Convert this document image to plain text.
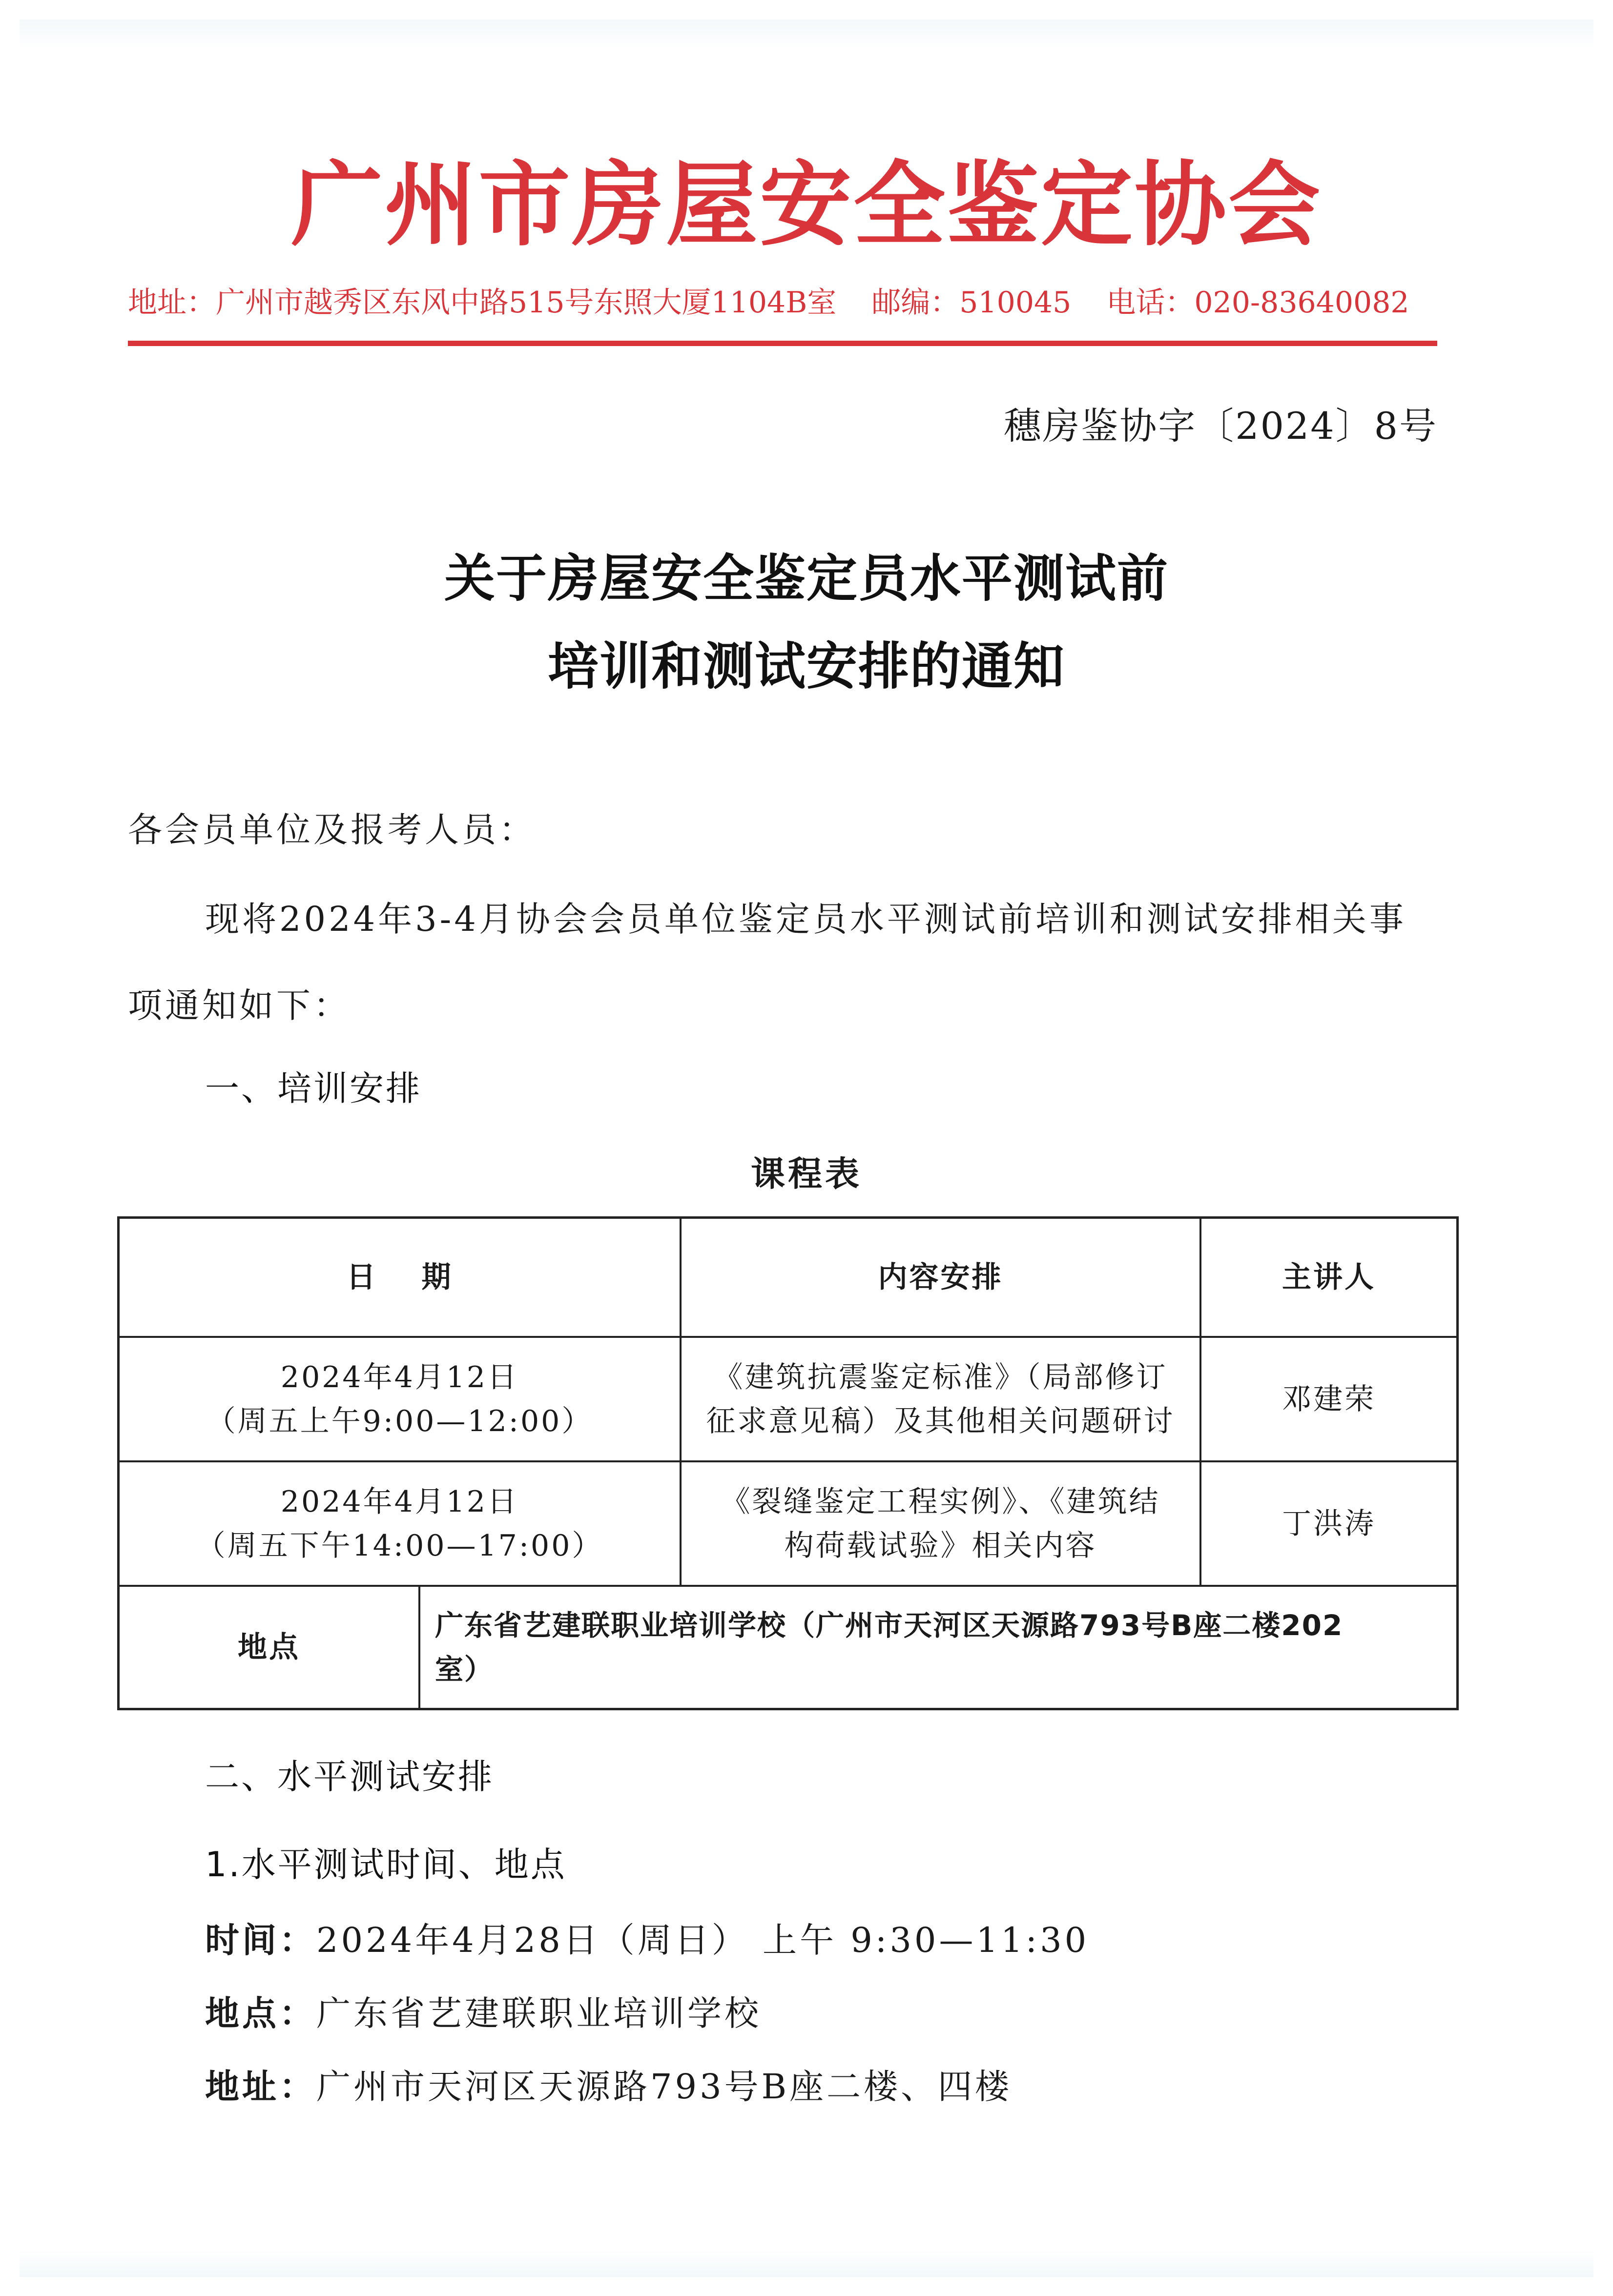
广州市房屋安全鉴定协会
地址：广州市越秀区东风中路515号东照大厦1104B室 邮编：510045 电话：020-83640082
穗房鉴协字〔2024〕8号
关于房屋安全鉴定员水平测试前
培训和测试安排的通知
各会员单位及报考人员：
现将2024年3-4月协会会员单位鉴定员水平测试前培训和测试安排相关事
项通知如下：
一、培训安排
课程表
日 期	内容安排	主讲人
2024年4月12日
（周五上午9:00—12:00）
《建筑抗震鉴定标准》（局部修订
征求意见稿）及其他相关问题研讨
邓建荣
2024年4月12日
（周五下午14:00—17:00）
《裂缝鉴定工程实例》、《建筑结
构荷载试验》相关内容
丁洪涛
地点
广东省艺建联职业培训学校（广州市天河区天源路793号B座二楼202
室）
二、水平测试安排
1.水平测试时间、地点
时间：2024年4月28日（周日） 上午 9:30—11:30
地点：广东省艺建联职业培训学校
地址：广州市天河区天源路793号B座二楼、四楼
